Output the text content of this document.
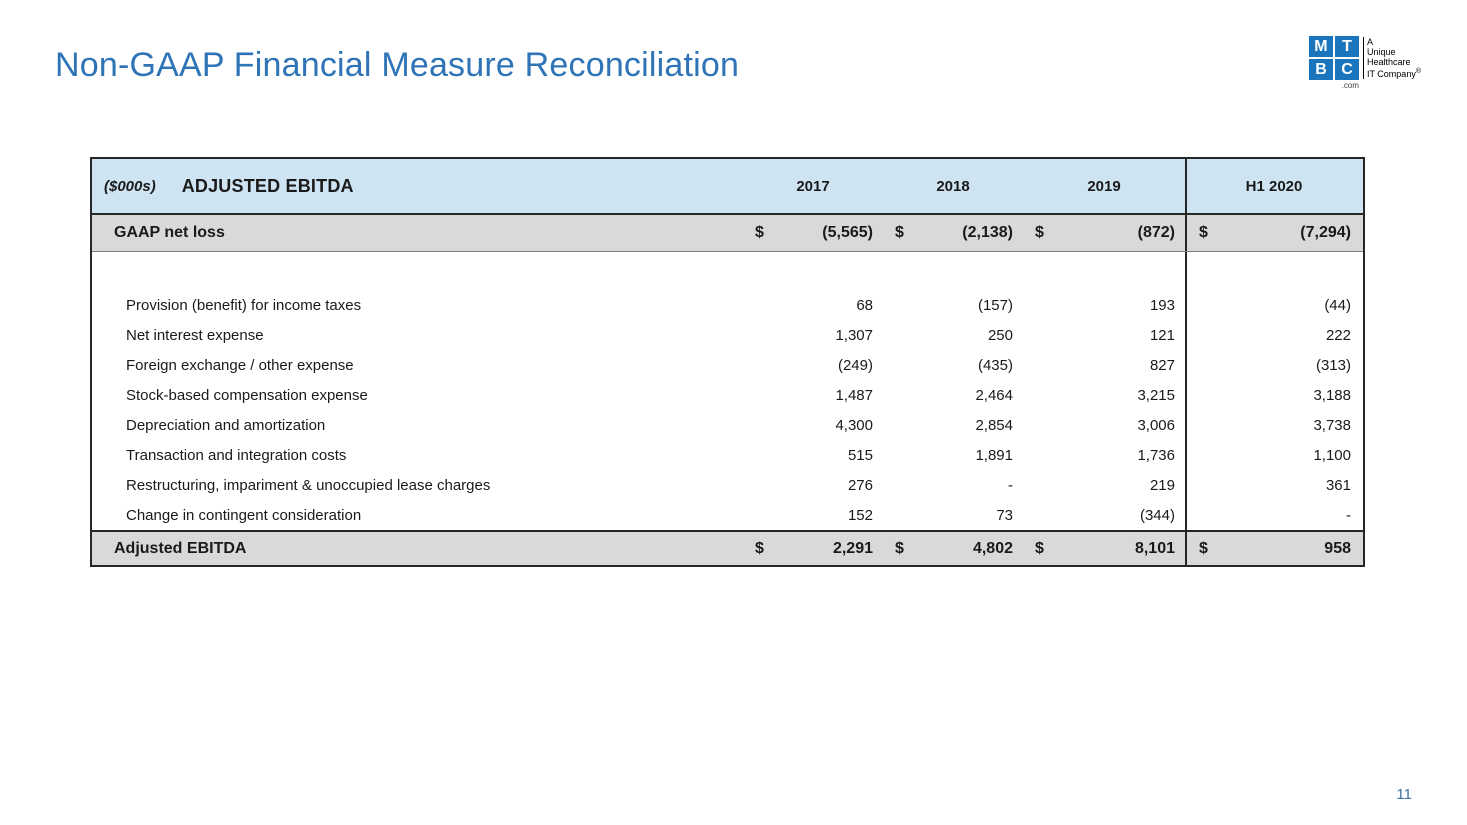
Non-GAAP Financial Measure Reconciliation	M T
B C
.com
A
Unique
Healthcare
IT Company®
($000s) ADJUSTED EBITDA	2017	2018	2019	H1 2020
GAAP net loss	$	(5,565) $	(2,138) $	(872) $	(7,294)
Provision (benefit) for income taxes	68	(157)	193	(44)
Net interest expense	1,307	250	121	222
Foreign exchange / other expense	(249)	(435)	827	(313)
Stock-based compensation expense	1,487	2,464	3,215	3,188
Depreciation and amortization	4,300	2,854	3,006	3,738
Transaction and integration costs	515	1,891	1,736	1,100
Restructuring, impariment & unoccupied lease charges	276	-	219	361
Change in contingent consideration	152	73	(344)	-
Adjusted EBITDA	$	2,291 $	4,802 $	8,101 $	958
11
